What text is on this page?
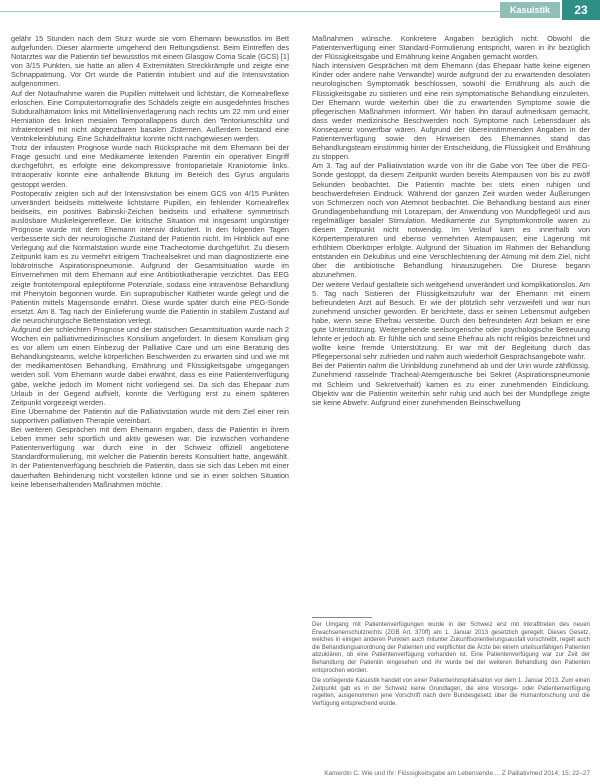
Kasuistik	23

gelähr 15 Stunden nach dem Sturz wurde sie vom Ehemann bewusstlos im Bett aufgefunden. Dieser alarmierte umgehend den Rettungsdienst. Beim Eintreffen des Notarztes war die Patientin tief bewusstlos mit einem Glasgow Coma Scale (GCS) [1] von 3/15 Punkten, sie hatte an allen 4 Extremitäten Streckkrämpfe und zeigte eine Schnappatmung. Vor Ort wurde die Patientin intubiert und auf die Intensivstation aufgenommen.

Auf der Notaufnahme waren die Pupillen mittelweit und lichtstarr, die Kornealreflexe erloschen. Eine Computertomografie des Schädels zeigte ein ausgedehntes frisches Subduralhämatom links mit Mittellinienverlagerung nach rechts um 22 mm und einer Herniation des linken mesialen Temporallappens durch den Tentoriumschlitz und Infratentoriell mit nicht abgrenzbaren basalen Zisternen. Außerdem bestand eine Ventrikeleinblutung. Eine Schädelfraktur konnte nicht nachgewiesen werden.

Trotz der infausten Prognose wurde nach Rücksprache mit dem Ehemann bei der Frage gesucht und eine Medikamente leitenden Parentin ein operativer Eingriff durchgeführt, es erfolgte eine dekompressive frontoparietale Kraniotomie links. Intraoperativ konnte eine anhaltende Blutung im Bereich des Gyrus angularis gestoppt werden.

Postoperativ zeigten sich auf der Intensivstation bei einem GCS von 4/15 Punkten unverändert beidseits mittelweite lichtstarre Pupillen, ein fehlender Kornealreflex beidseits, ein positives Babinski-Zeichen beidseits und erhaltene symmetrisch auslösbare Muskeleigenreflexe. Die kritische Situation mit insgesamt ungünstiger Prognose wurde mit dem Ehemann intensiv diskutiert. In den folgenden Tagen verbesserte sich der neurologische Zustand der Patientin nicht. Im Hinblick auf eine Verlegung auf die Normalstation wurde eine Tracheotomie durchgeführt. Zu diesem Zeitpunkt kam es zu vermehrt eitrigem Trachealsekret und man diagnostizierte eine lobärotrische Aspirationspneumonie. Aufgrund der Gesamtsituation wurde im Einvernehmen mit dem Ehemann auf eine Antibiotikatherapie verzichtet. Das EEG zeigte frontotemporal epileptiforme Potenziale, sodass eine intravenöse Behandlung mit Phenytoin begonnen wurde. Ein suprapubischer Katheter wurde gelegt und die Patientin mittels Magensonde ernährt. Diese wurde später durch eine PEG-Sonde ersetzt. Am 8. Tag nach der Einlieferung wurde die Patientin in stabilem Zustand auf die neurochirurgische Bettenstation verlegt.

Aufgrund der schlechten Prognose und der statischen Gesamtsituation wurde nach 2 Wochen ein palliativmedizinisches Konsilium angefordert. In diesem Konsilium ging es vor allem um einen Einbezug der Palliative Care und um eine Beratung des Behandlungsteams, welche körperlichen Beschwerden zu erwarten sind und wie mit der medikamentösen Behandlung, Ernährung und Flüssigkeitsgabe umgegangen werden soll. Vom Ehemann wurde dabei erwähnt, dass es eine Patientenverfügung gäbe, welche jedoch im Moment nicht vorliegend sei. Da sich das Ehepaar zum Urlaub in der Gegend aufhielt, konnte die Verfügung erst zu einem späteren Zeitpunkt vorgezeigt werden.

Eine Übernahme der Patientin auf die Palliativstation wurde mit dem Ziel einer rein supportiven palliativen Therapie vereinbart.

Bei weiteren Gesprächen mit dem Ehemann ergaben, dass die Patientin in ihrem Leben immer sehr sportlich und aktiv gewesen war. Die inzwischen vorhandene Patientenverfügung war durch eine in der Schweiz offiziell angebotene Standardformulierung, mit welcher die Patientin bereits Konsultiert hatte, angewählt. In der Patientenverfügung beschrieb die Patientin, dass sie sich das Leben mit einer dauerhaften Behinderung nicht vorstellen könne und sie in einer solchen Situation keine lebenserhaltenden Maßnahmen möchte.

Maßnahmen wünsche. Konkretere Angaben bezüglich nicht. Obwohl die Patientenverfügung einer Standard-Formulierung entspricht, waren in ihr bezüglich der Flüssigkeitsgabe und Ernährung keine Angaben gemacht worden.

Nach intensiven Gesprächen mit dem Ehemann (das Ehepaar hatte keine eigenen Kinder oder andere nahe Verwandte) wurde aufgrund der zu erwartenden desolaten neurologischen Symptomatik beschlossen, sowohl die Ernährung als auch die Flüssigkeitsgabe zu sistieren und eine rein symptomatische Behandlung einzuleiten. Der Ehemann wurde weiterhin über die zu erwartenden Symptome sowie die pflegerischen Maßnahmen informiert. Wir haben ihn darauf aufmerksam gemacht, dass weder medizinische Beschwerden noch Symptome nach Lebensdauer als Konsequenz vorwerfbar wären. Aufgrund der übereinstimmenden Angaben in der Patientenverfügung sowie den Hinweisen des Ehemannes stand das Behandlungsteam einstimmig hinter der Entscheidung, die Flüssigkeit und Ernährung zu stoppen.

Am 3. Tag auf der Palliativstation wurde von ihr die Gabe von Tee über die PEG-Sonde gestoppt, da diesem Zeitpunkt wurden bereits Atempausen von bis zu zwölf Sekunden beobachtet. Die Patientin machte bei stets einen ruhigen und beschwerdefreien Eindruck. Während der ganzen Zeit wurden weder Äußerungen von Schmerzen noch von Atemnot beobachtet. Die Behandlung bestand aus einer Grundlagenbehandlung mit Lorazepam, der Anwendung von Mundpflegeöl und aus regelmäßiger basaler Stimulation. Medikamente zur Symptomkontrolle waren zu diesem Zeitpunkt nicht notwendig. Im Verlauf kam es innerhalb von Körpertemperaturen und ebenso vermehrten Atempausen; eine Lagerung mit erhöhtem Oberkörper erfolgte. Aufgrund der Situation im Rahmen der Behandlung entstanden ein Dekubitus und eine Verschlechterung der Atmung mit dem Ziel, nicht über die antibiotische Behandlung hinauszugehen. Die Diurese begann abzunehmen.

Der weitere Verlauf gestaltete sich weitgehend unverändert und komplikationslos. Am 5. Tag nach Sistieren der Flüssigkeitszufuhr war der Ehemann mit einem befreundeten Arzt auf Besuch. Er wie der plötzlich sehr verzweifelt und war nun zunehmend unsicher geworden. Er berichtete, dass er seinen Lebensmut aufgeben habe, wenn seine Ehefrau versterbe. Durch den befreundeten Arzt bekam er eine gute Unterstützung. Weitergehende seelsorgerische oder psychologische Betreuung lehnte er jedoch ab. Er fühlte sich und seine Ehefrau als nicht religiös bezeichnet und wollte keine fremde Unterstützung. Er war mit der Begleitung durch das Pflegepersonal sehr zufrieden und nahm auch wiederholt Gesprächsangebote wahr.

Bei der Patientin nahm die Urinbildung zunehmend ab und der Urin wurde zähflüssig. Zunehmend rasselnde Tracheal-Atemgeräusche bei Sekret (Aspirationspneumonie mit Schleim und Sekretverhalt) kamen es zu einer zunehmenden Eindickung. Objektiv war die Patientin weiterhin sehr ruhig und auch bei der Mundpflege zeigte sie keine Abwehr. Aufgrund einer zunehmenden Beinschwellung

Der Umgang mit Patientenverfügungen wurde in der Schweiz erst mit Inkrafttreten des neuen Erwachsenenschutzrechts (ZGB Art. 370ff) am 1. Januar 2013 gesetzlich geregelt. Dieses Gesetz, welches in einigen anderen Punkten auch mitunter Zukunftsorientierungsausfall vorschreibt, regelt auch die Behandlungsanordnung der Patienten und verpflichtet die Ärzte bei einem urteilsunfähigen Patienten abzuklären, ob eine Patientenverfügung vorhanden ist. Eine Patientenverfügung war zur Zeit der Behandlung der Patientin eingesehen und ihr wurde bei der weiteren Behandlung den Patienten entsprochen worden.

Die vorliegende Kasuistik handelt von einer Patientenhospitalisation vor dem 1. Januar 2013. Zum einen Zeitpunkt gab es in der Schweiz keine Grundlagen, die eine Vorsorge- oder Patientenverfügung regelten, ausgenommen jene Vorschrift nach dem Bundesgesetz über die Humanforschung und die Verfügung entsprechend wurde.

Kamerdin C. Wie und Ihr: Flüssigkeitsgabe am Lebensende ... Z Palliativmed 2014; 15: 22–27
